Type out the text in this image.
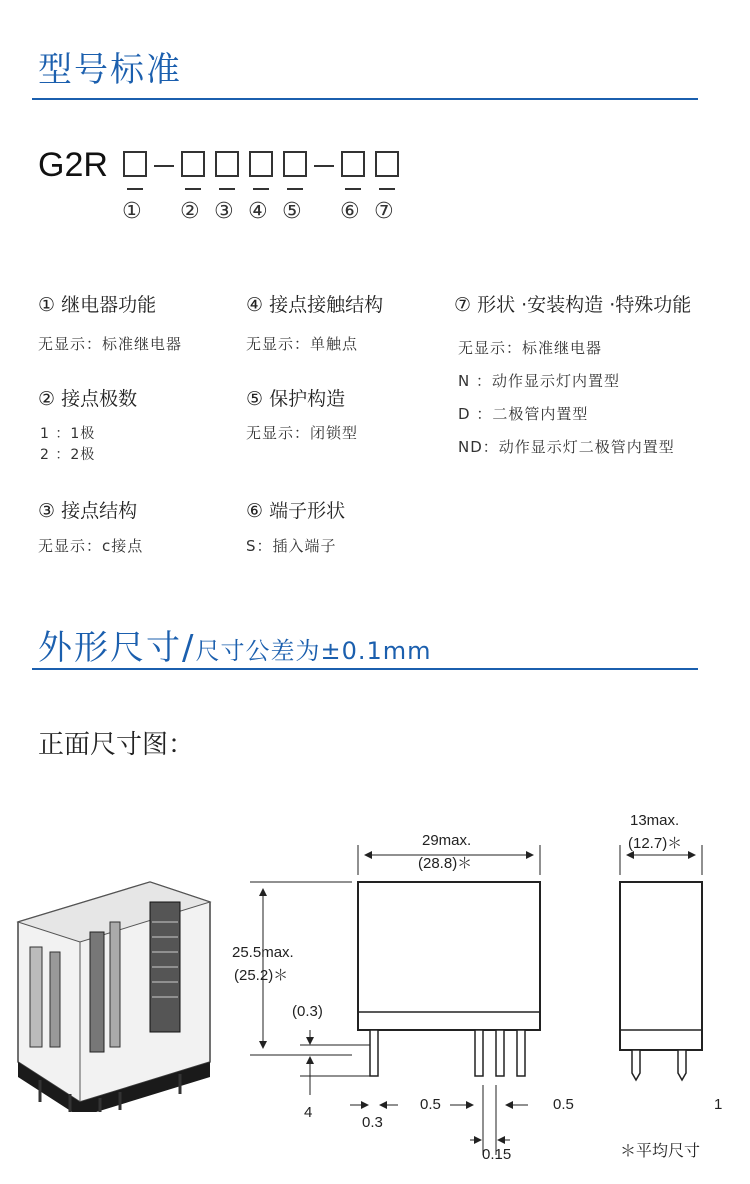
型号标准
G2R
① ② ③ ④ ⑤ ⑥ ⑦
① 继电器功能
无显示：标准继电器
④ 接点接触结构
无显示：单触点
⑦ 形状 ·安装构造 ·特殊功能
无显示：标准继电器
N ：动作显示灯内置型
D ：二极管内置型
ND：动作显示灯二极管内置型
② 接点极数
1 ：1极
2 ：2极
⑤ 保护构造
无显示：闭锁型
③ 接点结构
无显示：c接点
⑥ 端子形状
S：插入端子
外形尺寸/尺寸公差为±0.1mm
正面尺寸图：
29max.
(28.8)＊
25.5max.
(25.2)＊
(0.3)
4
0.3
0.5	0.5
0.15
13max.
(12.7)＊
1
＊平均尺寸
